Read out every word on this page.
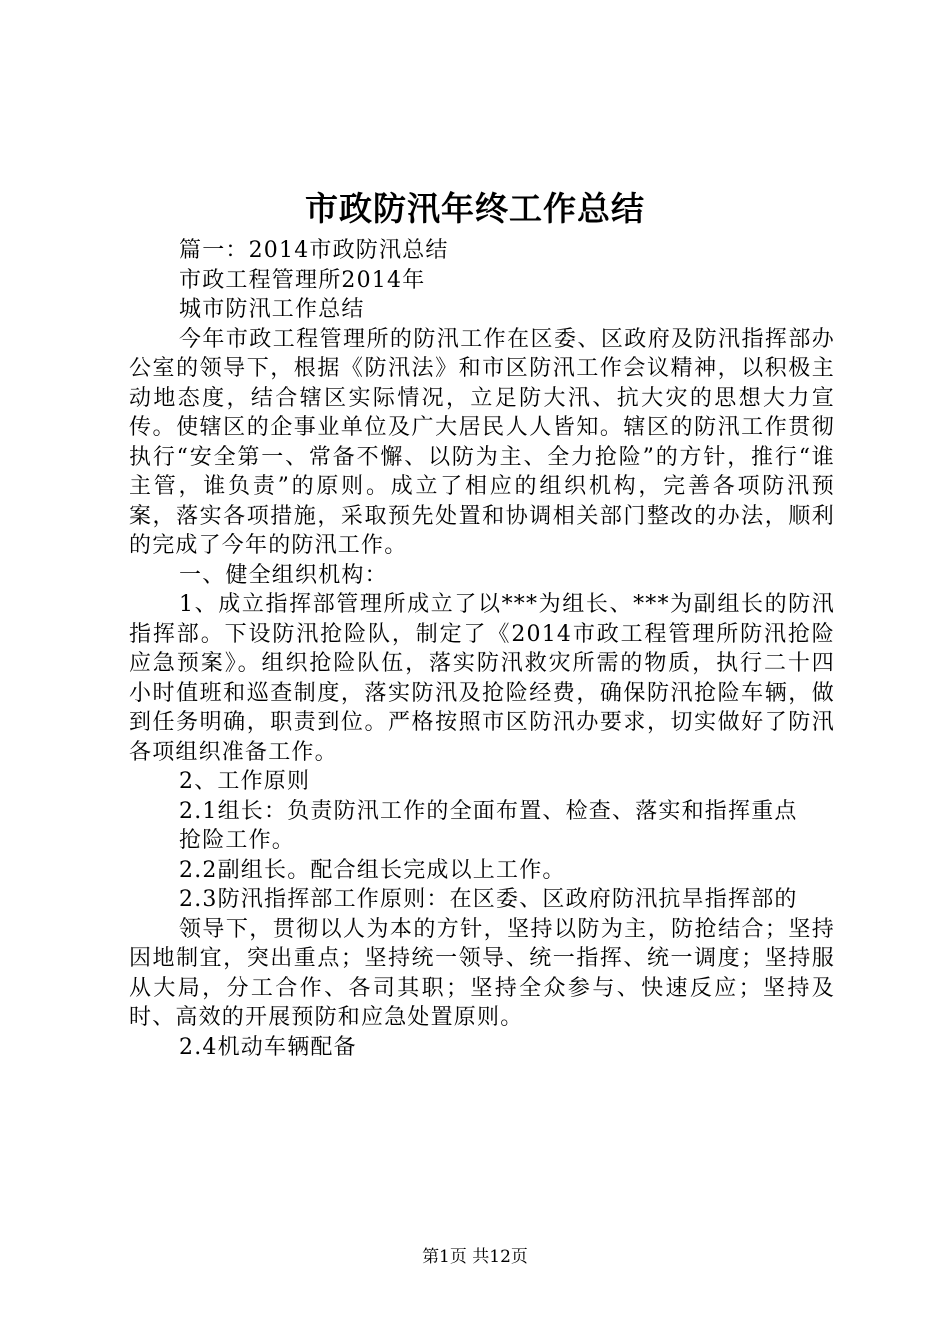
市政防汛年终工作总结

篇一：2014市政防汛总结

市政工程管理所2014年

城市防汛工作总结

今年市政工程管理所的防汛工作在区委、区政府及防汛指挥部办公室的领导下，根据《防汛法》和市区防汛工作会议精神，以积极主动地态度，结合辖区实际情况，立足防大汛、抗大灾的思想大力宣传。使辖区的企事业单位及广大居民人人皆知。辖区的防汛工作贯彻执行“安全第一、常备不懈、以防为主、全力抢险”的方针，推行“谁主管，谁负责”的原则。成立了相应的组织机构，完善各项防汛预案，落实各项措施，采取预先处置和协调相关部门整改的办法，顺利的完成了今年的防汛工作。

一、健全组织机构：

1、成立指挥部管理所成立了以***为组长、***为副组长的防汛指挥部。下设防汛抢险队，制定了《2014市政工程管理所防汛抢险应急预案》。组织抢险队伍，落实防汛救灾所需的物质，执行二十四小时值班和巡查制度，落实防汛及抢险经费，确保防汛抢险车辆，做到任务明确，职责到位。严格按照市区防汛办要求，切实做好了防汛各项组织准备工作。

2、工作原则

2.1组长：负责防汛工作的全面布置、检查、落实和指挥重点

抢险工作。

2.2副组长。配合组长完成以上工作。

2.3防汛指挥部工作原则：在区委、区政府防汛抗旱指挥部的

领导下，贯彻以人为本的方针，坚持以防为主，防抢结合；坚持因地制宜，突出重点；坚持统一领导、统一指挥、统一调度；坚持服从大局，分工合作、各司其职；坚持全众参与、快速反应；坚持及时、高效的开展预防和应急处置原则。

2.4机动车辆配备

第1页 共12页
